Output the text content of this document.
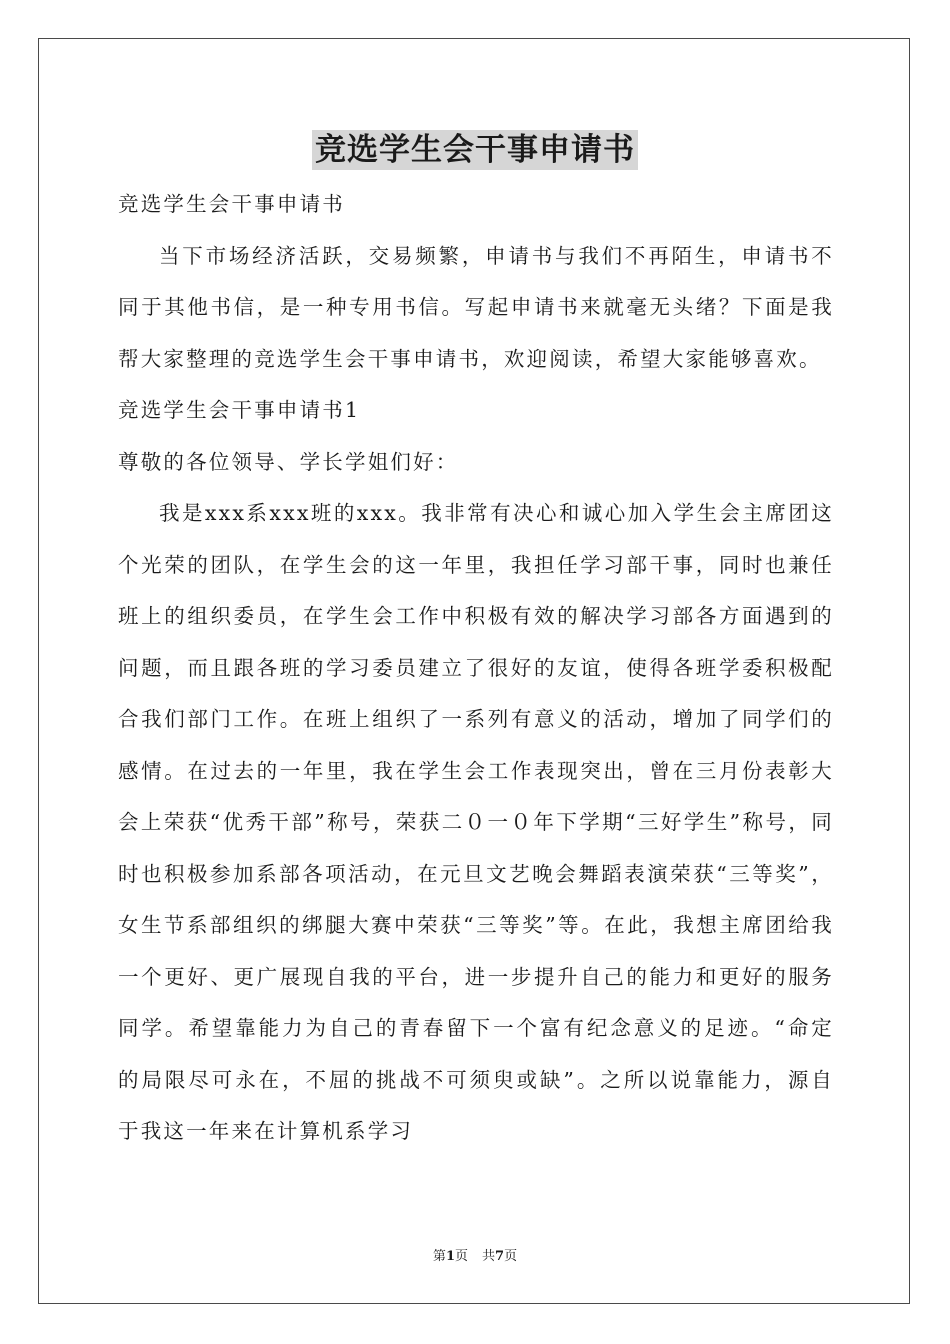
竞选学生会干事申请书

竞选学生会干事申请书

当下市场经济活跃，交易频繁，申请书与我们不再陌生，申请书不同于其他书信，是一种专用书信。写起申请书来就毫无头绪？下面是我帮大家整理的竞选学生会干事申请书，欢迎阅读，希望大家能够喜欢。

竞选学生会干事申请书1

尊敬的各位领导、学长学姐们好：

我是xxx系xxx班的xxx。我非常有决心和诚心加入学生会主席团这个光荣的团队，在学生会的这一年里，我担任学习部干事，同时也兼任班上的组织委员，在学生会工作中积极有效的解决学习部各方面遇到的问题，而且跟各班的学习委员建立了很好的友谊，使得各班学委积极配合我们部门工作。在班上组织了一系列有意义的活动，增加了同学们的感情。在过去的一年里，我在学生会工作表现突出，曾在三月份表彰大会上荣获“优秀干部”称号，荣获二０一０年下学期“三好学生”称号，同时也积极参加系部各项活动，在元旦文艺晚会舞蹈表演荣获“三等奖”，女生节系部组织的绑腿大赛中荣获“三等奖”等。在此，我想主席团给我一个更好、更广展现自我的平台，进一步提升自己的能力和更好的服务同学。希望靠能力为自己的青春留下一个富有纪念意义的足迹。“命定的局限尽可永在，不屈的挑战不可须臾或缺”。之所以说靠能力，源自于我这一年来在计算机系学习

第1页 共7页
